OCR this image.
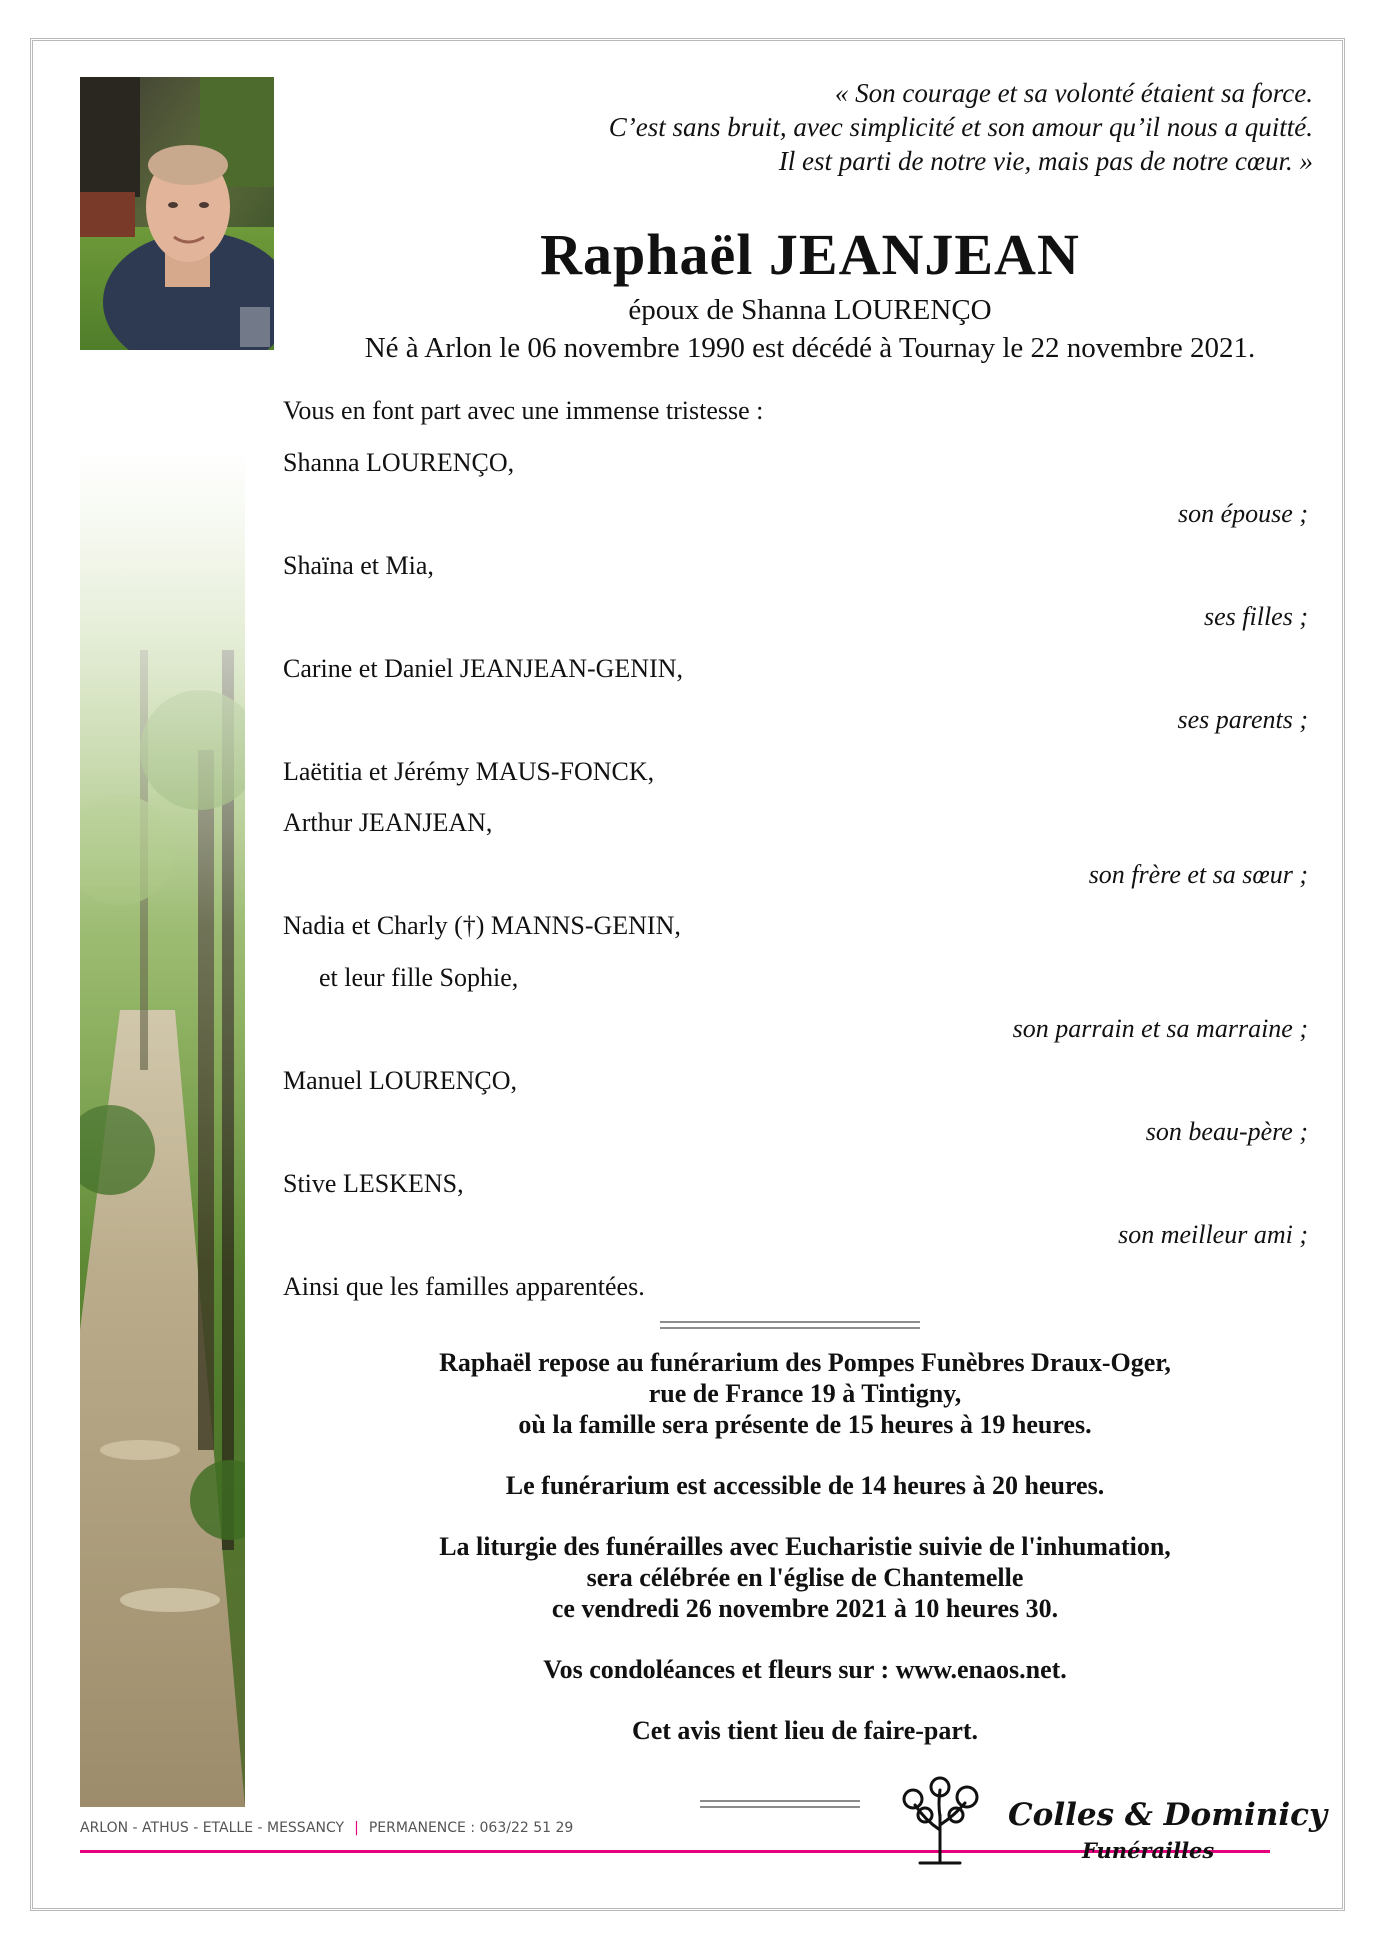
« Son courage et sa volonté étaient sa force.
C’est sans bruit, avec simplicité et son amour qu’il nous a quitté.
Il est parti de notre vie, mais pas de notre cœur. »
Raphaël JEANJEAN
époux de Shanna LOURENÇO
Né à Arlon le 06 novembre 1990 est décédé à Tournay le 22 novembre 2021.
Vous en font part avec une immense tristesse :
Shanna LOURENÇO,
son épouse ;
Shaïna et Mia,
ses filles ;
Carine et Daniel JEANJEAN-GENIN,
ses parents ;
Laëtitia et Jérémy MAUS-FONCK,
Arthur JEANJEAN,
son frère et sa sœur ;
Nadia et Charly (†) MANNS-GENIN,
et leur fille Sophie,
son parrain et sa marraine ;
Manuel LOURENÇO,
son beau-père ;
Stive LESKENS,
son meilleur ami ;
Ainsi que les familles apparentées.

Raphaël repose au funérarium des Pompes Funèbres Draux-Oger,

rue de France 19 à Tintigny,

où la famille sera présente de 15 heures à 19 heures.

Le funérarium est accessible de 14 heures à 20 heures.

La liturgie des funérailles avec Eucharistie suivie de l'inhumation,

sera célébrée en l'église de Chantemelle

ce vendredi 26 novembre 2021 à 10 heures 30.

Vos condoléances et fleurs sur : www.enaos.net.

Cet avis tient lieu de faire-part.

ARLON - ATHUS - ETALLE - MESSANCY | PERMANENCE : 063/22 51 29	Colles & Dominicy
Funérailles
